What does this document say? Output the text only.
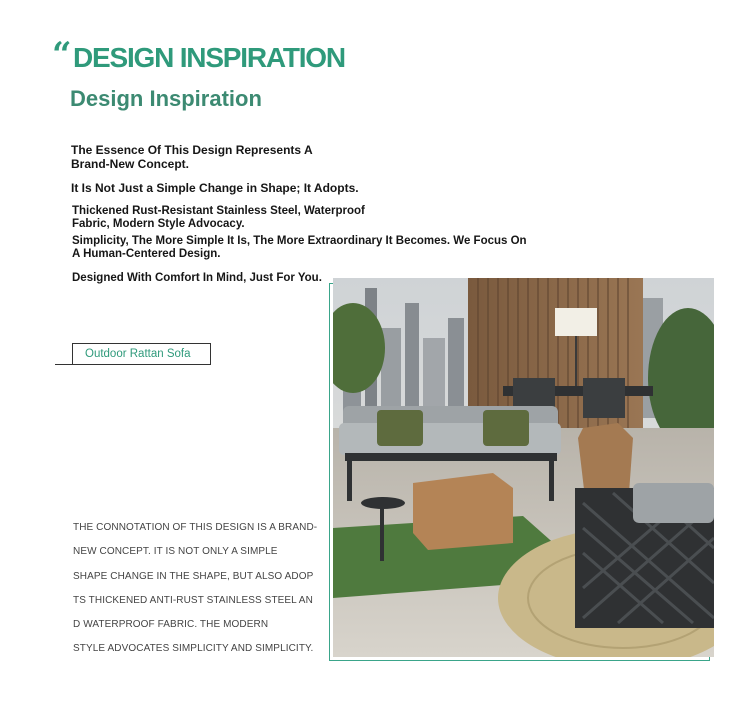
“ DESIGN INSPIRATION
Design Inspiration
The Essence Of This Design Represents A
Brand-New Concept.
It Is Not Just a Simple Change in Shape; It Adopts.
Thickened Rust-Resistant Stainless Steel, Waterproof
Fabric, Modern Style Advocacy.
Simplicity, The More Simple It Is, The More Extraordinary It Becomes. We Focus On
A Human-Centered Design.
Designed With Comfort In Mind, Just For You.
Outdoor Rattan Sofa
THE CONNOTATION OF THIS DESIGN IS A BRAND-
NEW CONCEPT. IT IS NOT ONLY A SIMPLE
SHAPE CHANGE IN THE SHAPE, BUT ALSO ADOP
TS THICKENED ANTI-RUST STAINLESS STEEL AN
D WATERPROOF FABRIC. THE MODERN
STYLE ADVOCATES SIMPLICITY AND SIMPLICITY.
